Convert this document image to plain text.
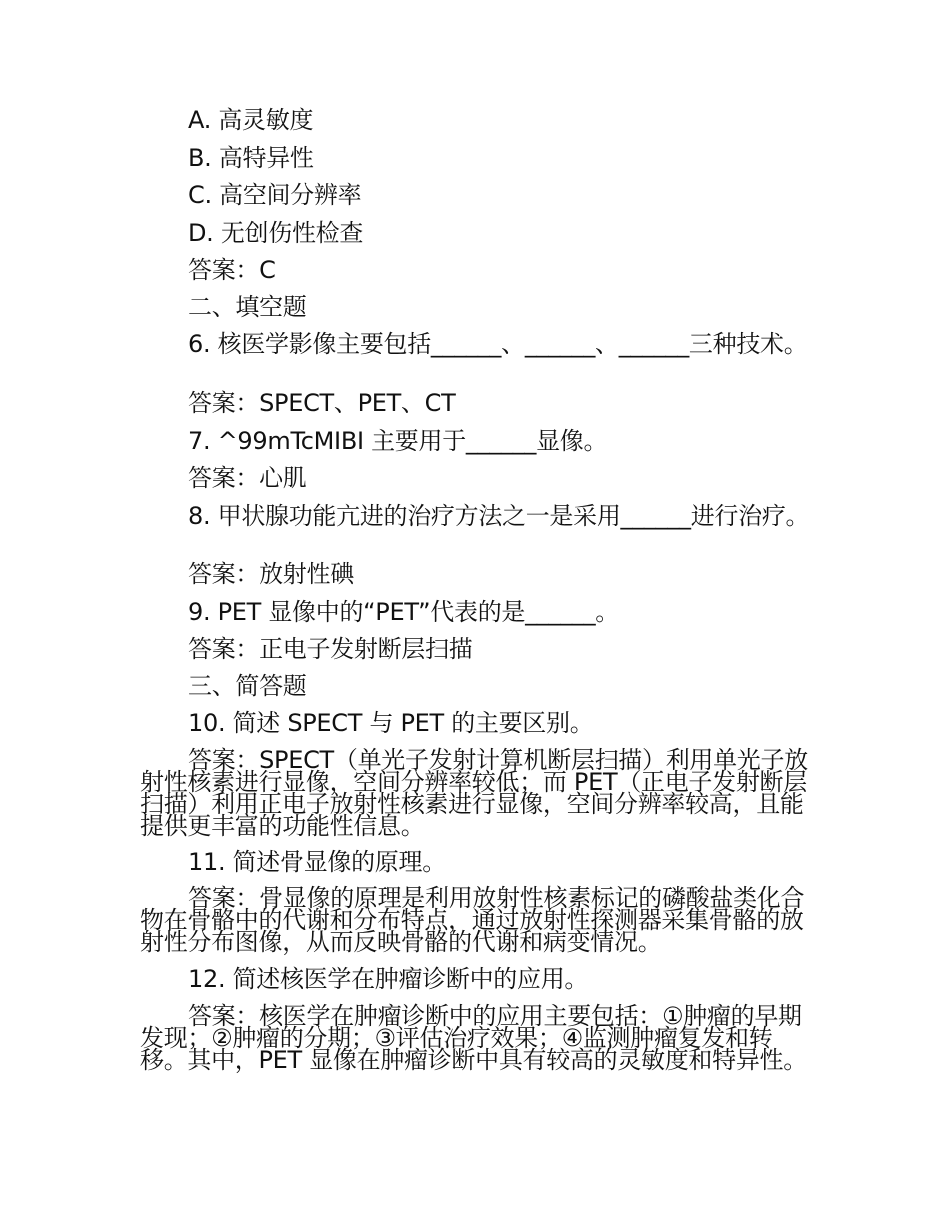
A. 高灵敏度
B. 高特异性
C. 高空间分辨率
D. 无创伤性检查
答案：C
二、填空题
6. 核医学影像主要包括______、______、______三种技术。
答案：SPECT、PET、CT
7. ^99mTcMIBI 主要用于______显像。
答案：心肌
8. 甲状腺功能亢进的治疗方法之一是采用______进行治疗。
答案：放射性碘
9. PET 显像中的“PET”代表的是______。
答案：正电子发射断层扫描
三、简答题
10. 简述 SPECT 与 PET 的主要区别。
答案：SPECT（单光子发射计算机断层扫描）利用单光子放射性核素进行显像，空间分辨率较低；而 PET（正电子发射断层扫描）利用正电子放射性核素进行显像，空间分辨率较高，且能提供更丰富的功能性信息。
11. 简述骨显像的原理。
答案：骨显像的原理是利用放射性核素标记的磷酸盐类化合物在骨骼中的代谢和分布特点，通过放射性探测器采集骨骼的放射性分布图像，从而反映骨骼的代谢和病变情况。
12. 简述核医学在肿瘤诊断中的应用。
答案：核医学在肿瘤诊断中的应用主要包括：①肿瘤的早期发现；②肿瘤的分期；③评估治疗效果；④监测肿瘤复发和转移。其中，PET 显像在肿瘤诊断中具有较高的灵敏度和特异性。
